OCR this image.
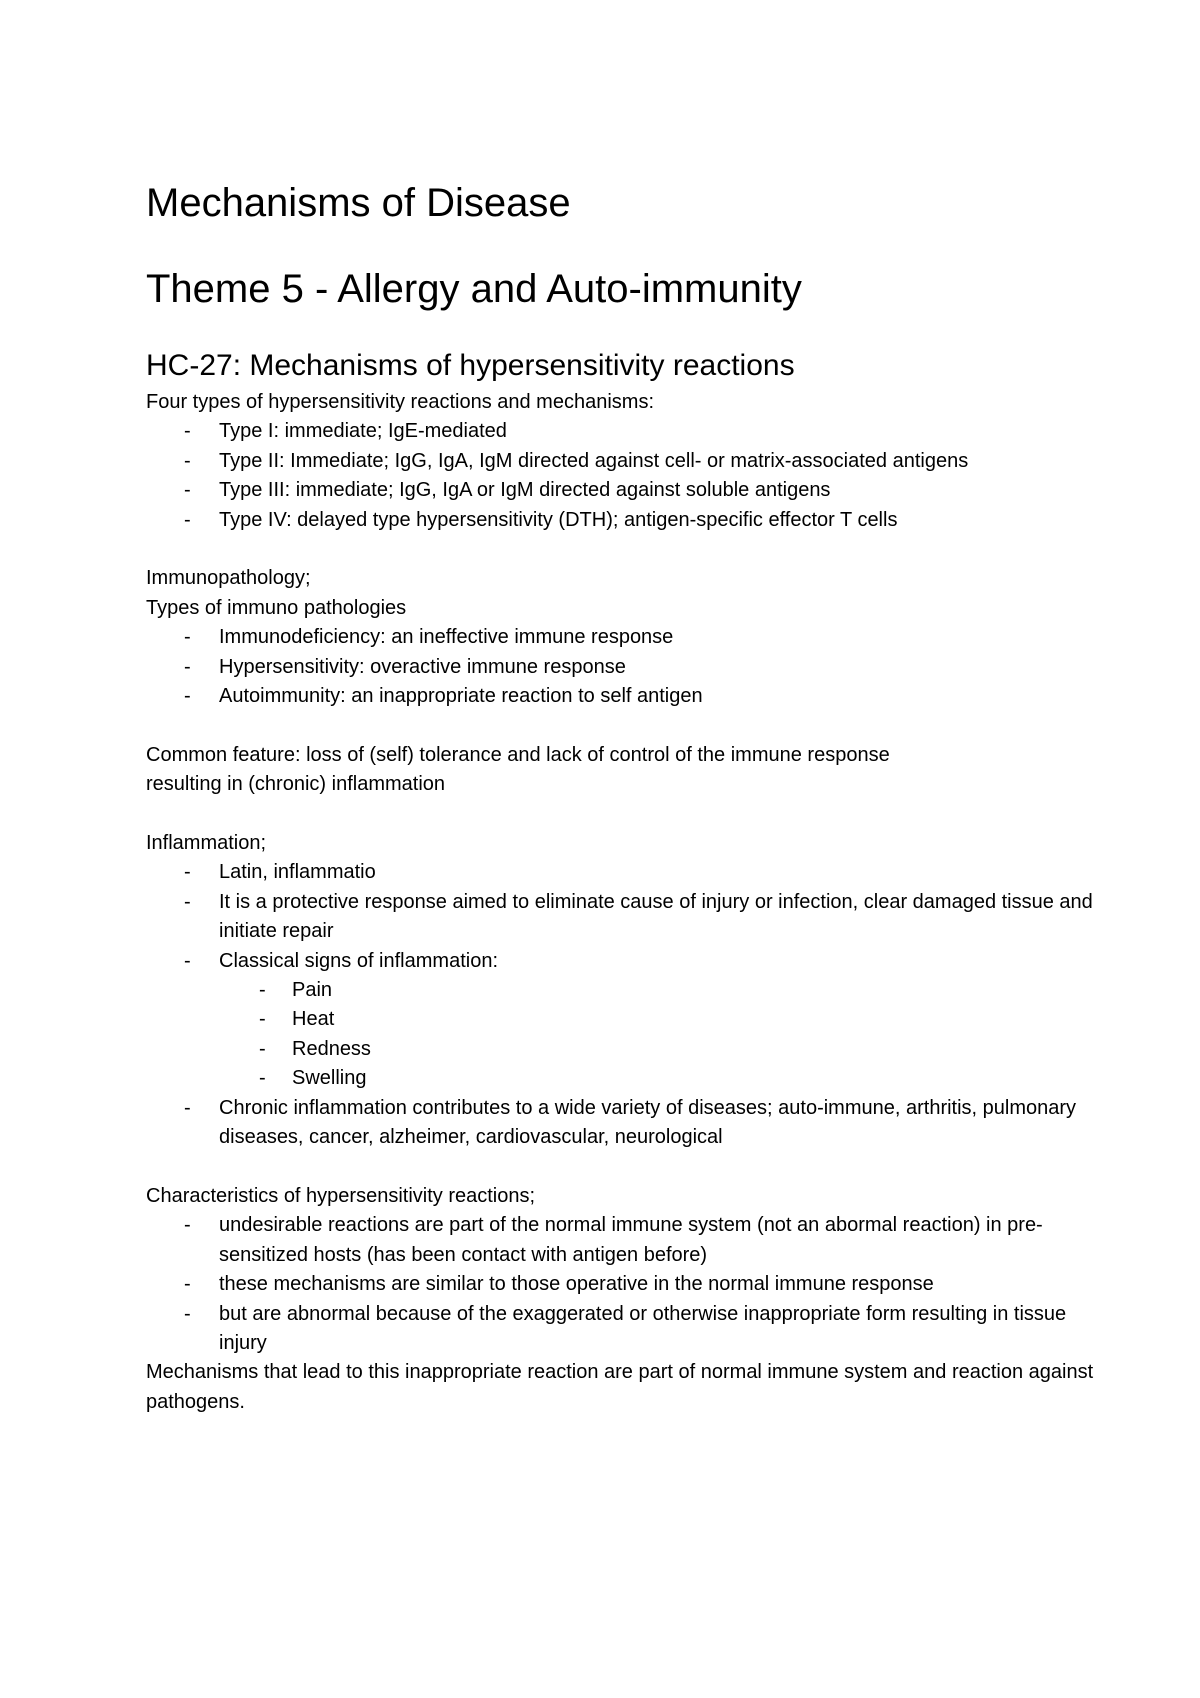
Mechanisms of Disease
Theme 5 - Allergy and Auto-immunity
HC-27: Mechanisms of hypersensitivity reactions

Four types of hypersensitivity reactions and mechanisms:

- Type I: immediate; IgE-mediated
- Type II: Immediate; IgG, IgA, IgM directed against cell- or matrix-associated antigens
- Type III: immediate; IgG, IgA or IgM directed against soluble antigens
- Type IV: delayed type hypersensitivity (DTH); antigen-specific effector T cells

Immunopathology;

Types of immuno pathologies

- Immunodeficiency: an ineffective immune response
- Hypersensitivity: overactive immune response
- Autoimmunity: an inappropriate reaction to self antigen

Common feature: loss of (self) tolerance and lack of control of the immune response

resulting in (chronic) inflammation

Inflammation;

- Latin, inflammatio
- It is a protective response aimed to eliminate cause of injury or infection, clear damaged tissue and initiate repair
- Classical signs of inflammation:
- Pain
- Heat
- Redness
- Swelling
- Chronic inflammation contributes to a wide variety of diseases; auto-immune, arthritis, pulmonary diseases, cancer, alzheimer, cardiovascular, neurological

Characteristics of hypersensitivity reactions;

- undesirable reactions are part of the normal immune system (not an abormal reaction) in pre-sensitized hosts (has been contact with antigen before)
- these mechanisms are similar to those operative in the normal immune response
- but are abnormal because of the exaggerated or otherwise inappropriate form resulting in tissue injury

Mechanisms that lead to this inappropriate reaction are part of normal immune system and reaction against pathogens.
